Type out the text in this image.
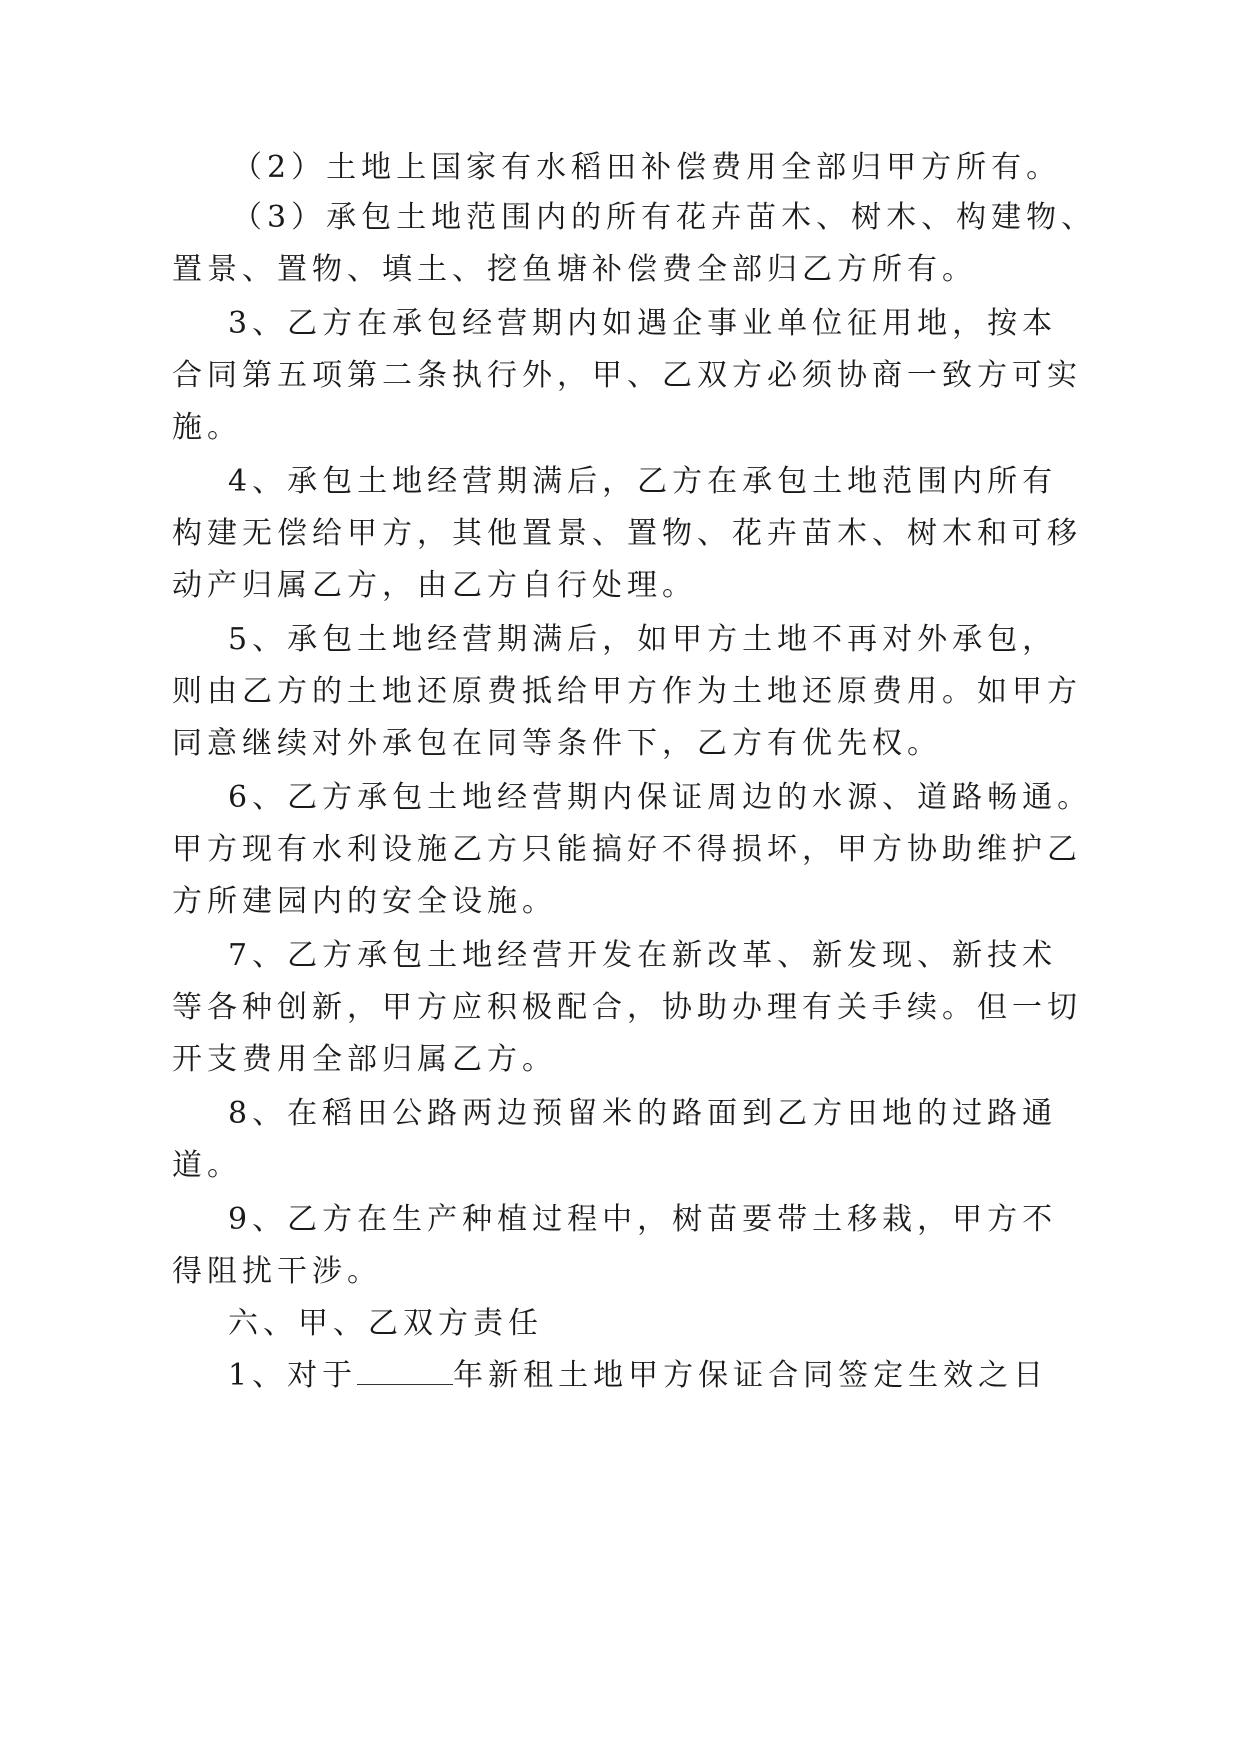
（2）土地上国家有水稻田补偿费用全部归甲方所有。
（3）承包土地范围内的所有花卉苗木、树木、构建物、
置景、置物、填土、挖鱼塘补偿费全部归乙方所有。
3、乙方在承包经营期内如遇企事业单位征用地，按本
合同第五项第二条执行外，甲、乙双方必须协商一致方可实
施。
4、承包土地经营期满后，乙方在承包土地范围内所有
构建无偿给甲方，其他置景、置物、花卉苗木、树木和可移
动产归属乙方，由乙方自行处理。
5、承包土地经营期满后，如甲方土地不再对外承包，
则由乙方的土地还原费抵给甲方作为土地还原费用。如甲方
同意继续对外承包在同等条件下，乙方有优先权。
6、乙方承包土地经营期内保证周边的水源、道路畅通。
甲方现有水利设施乙方只能搞好不得损坏，甲方协助维护乙
方所建园内的安全设施。
7、乙方承包土地经营开发在新改革、新发现、新技术
等各种创新，甲方应积极配合，协助办理有关手续。但一切
开支费用全部归属乙方。
8、在稻田公路两边预留米的路面到乙方田地的过路通
道。
9、乙方在生产种植过程中，树苗要带土移栽，甲方不
得阻扰干涉。
六、甲、乙双方责任
1、对于	年新租土地甲方保证合同签定生效之日
